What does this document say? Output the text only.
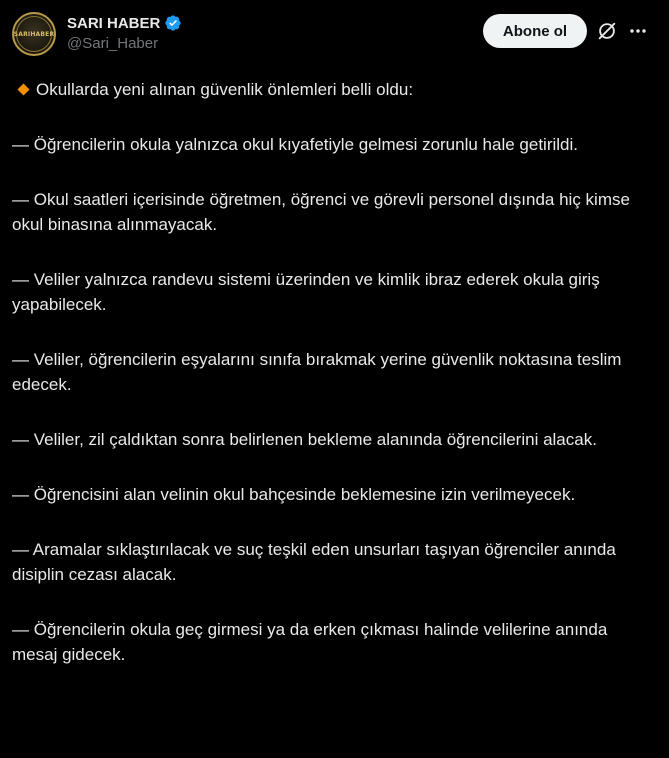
SARIHABER
SARI HABER
@Sari_Haber
Abone ol

Okullarda yeni alınan güvenlik önlemleri belli oldu:

— Öğrencilerin okula yalnızca okul kıyafetiyle gelmesi zorunlu hale getirildi.

— Okul saatleri içerisinde öğretmen, öğrenci ve görevli personel dışında hiç kimse okul binasına alınmayacak.

— Veliler yalnızca randevu sistemi üzerinden ve kimlik ibraz ederek okula giriş yapabilecek.

— Veliler, öğrencilerin eşyalarını sınıfa bırakmak yerine güvenlik noktasına teslim edecek.

— Veliler, zil çaldıktan sonra belirlenen bekleme alanında öğrencilerini alacak.

— Öğrencisini alan velinin okul bahçesinde beklemesine izin verilmeyecek.

— Aramalar sıklaştırılacak ve suç teşkil eden unsurları taşıyan öğrenciler anında disiplin cezası alacak.

— Öğrencilerin okula geç girmesi ya da erken çıkması halinde velilerine anında mesaj gidecek.
